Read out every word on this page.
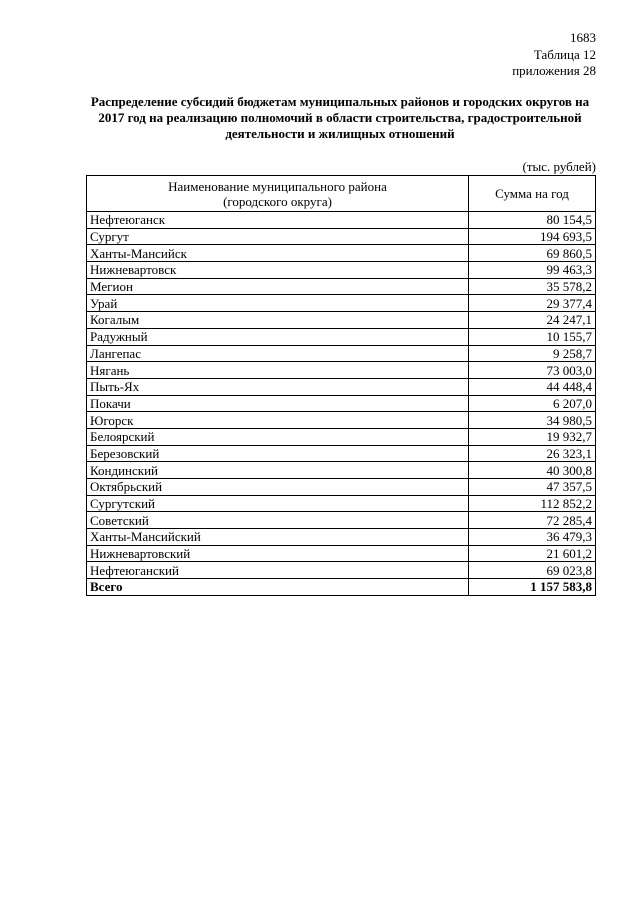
1683
Таблица 12
приложения 28
Распределение субсидий бюджетам муниципальных районов и городских округов на 2017 год на реализацию полномочий в области строительства, градостроительной деятельности и жилищных отношений
(тыс. рублей)
Наименование муниципального района
(городского округа)	Сумма на год
Нефтеюганск	80 154,5
Сургут	194 693,5
Ханты-Мансийск	69 860,5
Нижневартовск	99 463,3
Мегион	35 578,2
Урай	29 377,4
Когалым	24 247,1
Радужный	10 155,7
Лангепас	9 258,7
Нягань	73 003,0
Пыть-Ях	44 448,4
Покачи	6 207,0
Югорск	34 980,5
Белоярский	19 932,7
Березовский	26 323,1
Кондинский	40 300,8
Октябрьский	47 357,5
Сургутский	112 852,2
Советский	72 285,4
Ханты-Мансийский	36 479,3
Нижневартовский	21 601,2
Нефтеюганский	69 023,8
Всего	1 157 583,8
